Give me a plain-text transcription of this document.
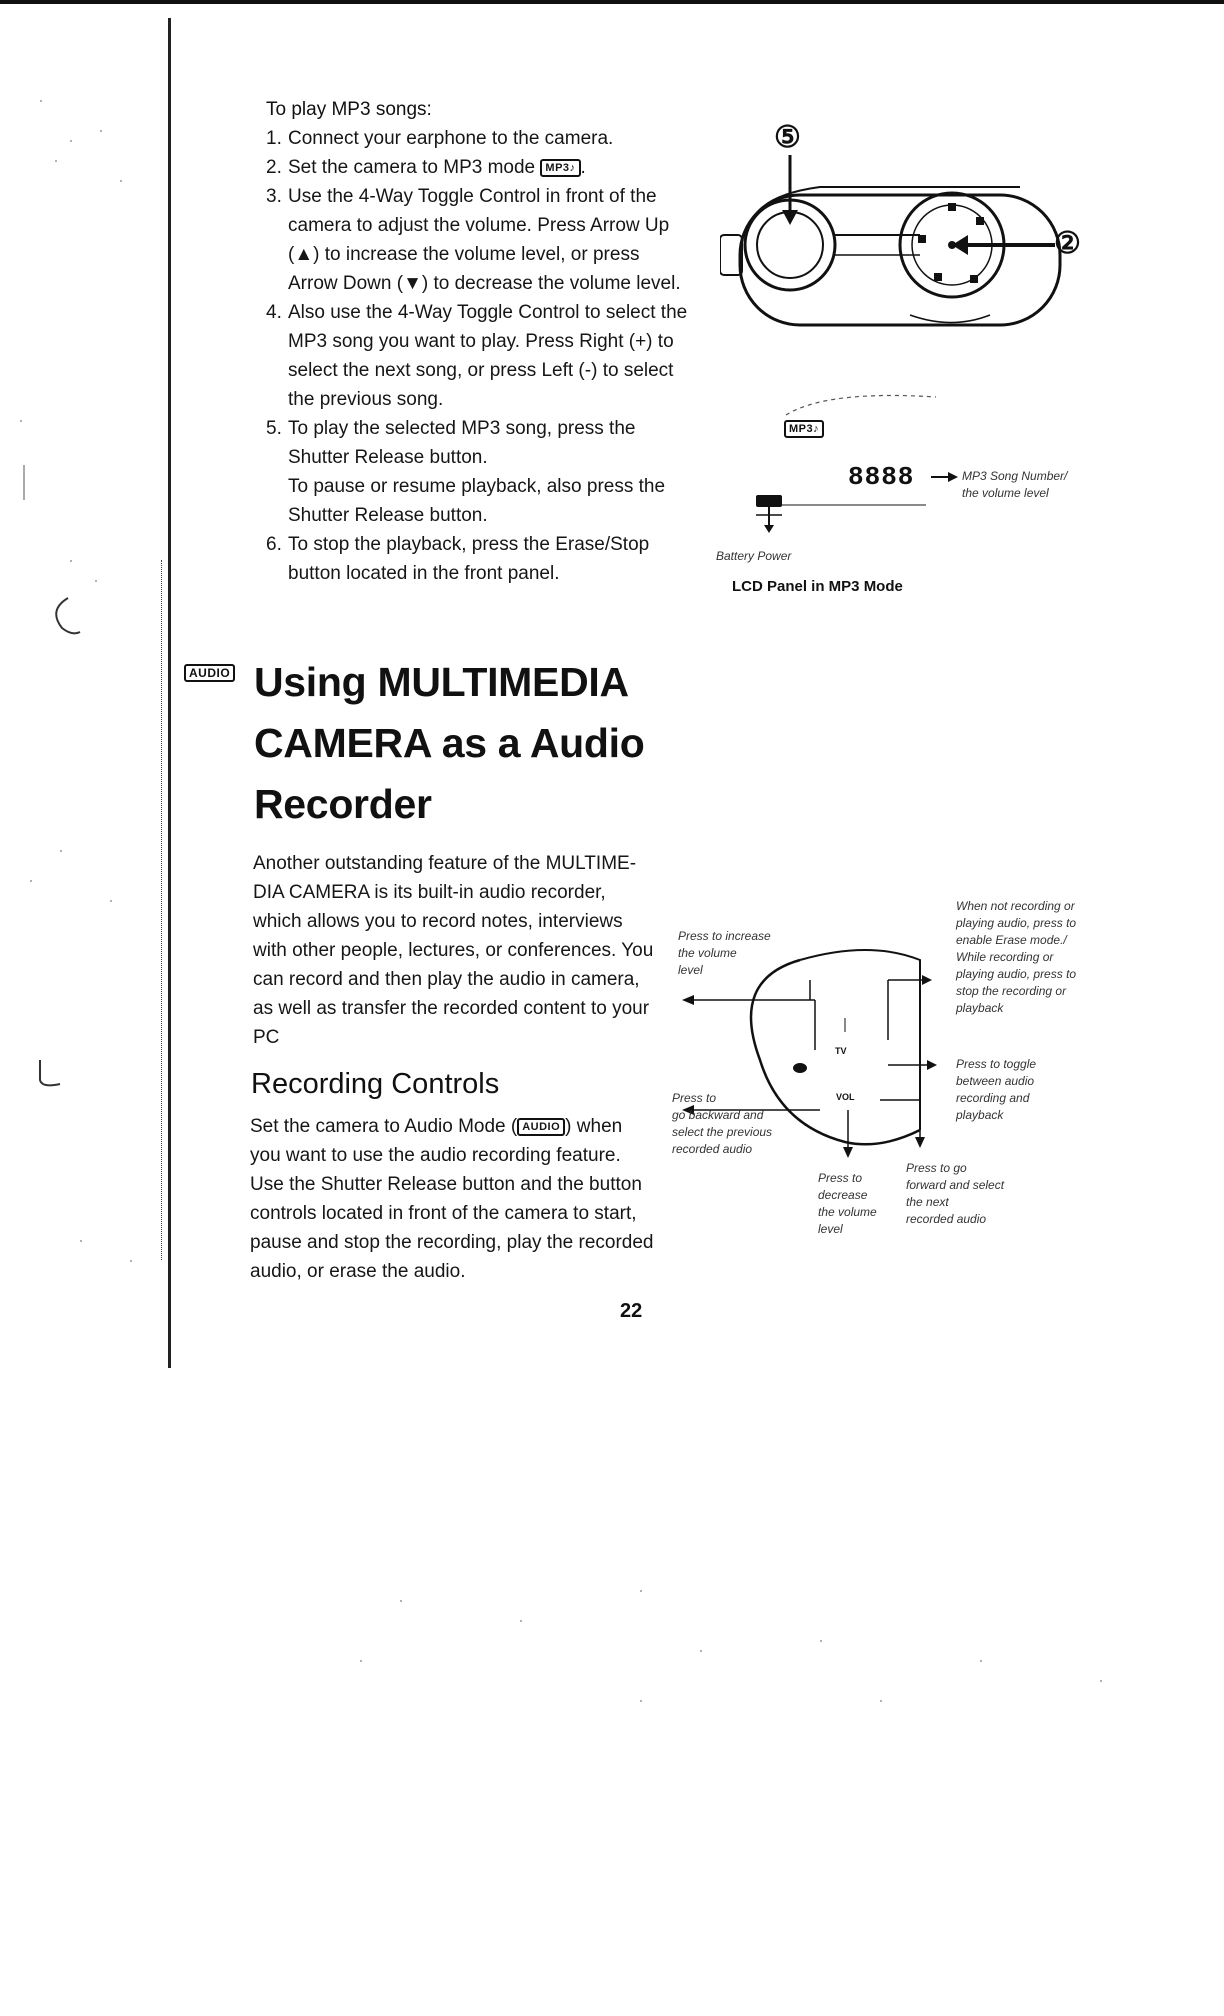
To play MP3 songs:
1. Connect your earphone to the camera.
2. Set the camera to MP3 mode MP3♪ .
3. Use the 4-Way Toggle Control in front of the camera to adjust the volume. Press Arrow Up (▲) to increase the volume level, or press Arrow Down (▼) to decrease the volume level.
4. Also use the 4-Way Toggle Control to select the MP3 song you want to play. Press Right (+) to select the next song, or press Left (-) to select the previous song.
5. To play the selected MP3 song, press the Shutter Release button.
To pause or resume playback, also press the Shutter Release button.
6. To stop the playback, press the Erase/Stop button located in the front panel.
⑤
②
MP3♪
8888	MP3 Song Number/
the volume level
Battery Power
LCD Panel in MP3 Mode
AUDIO Using MULTIMEDIA
CAMERA as a Audio
Recorder
Another outstanding feature of the MULTIME-
DIA CAMERA is its built-in audio recorder,
which allows you to record notes, interviews
with other people, lectures, or conferences. You
can record and then play the audio in camera,
as well as transfer the recorded content to your
PC
Recording Controls
Set the camera to Audio Mode ( AUDIO ) when
you want to use the audio recording feature.
Use the Shutter Release button and the button
controls located in front of the camera to start,
pause and stop the recording, play the recorded
audio, or erase the audio.
TV
VOL
Press to increase
the volume
level
Press to
go backward and
select the previous
recorded audio
Press to
decrease
the volume
level
Press to go
forward and select
the next
recorded audio
When not recording or
playing audio, press to
enable Erase mode./
While recording or
playing audio, press to
stop the recording or
playback
Press to toggle
between audio
recording and
playback
22
